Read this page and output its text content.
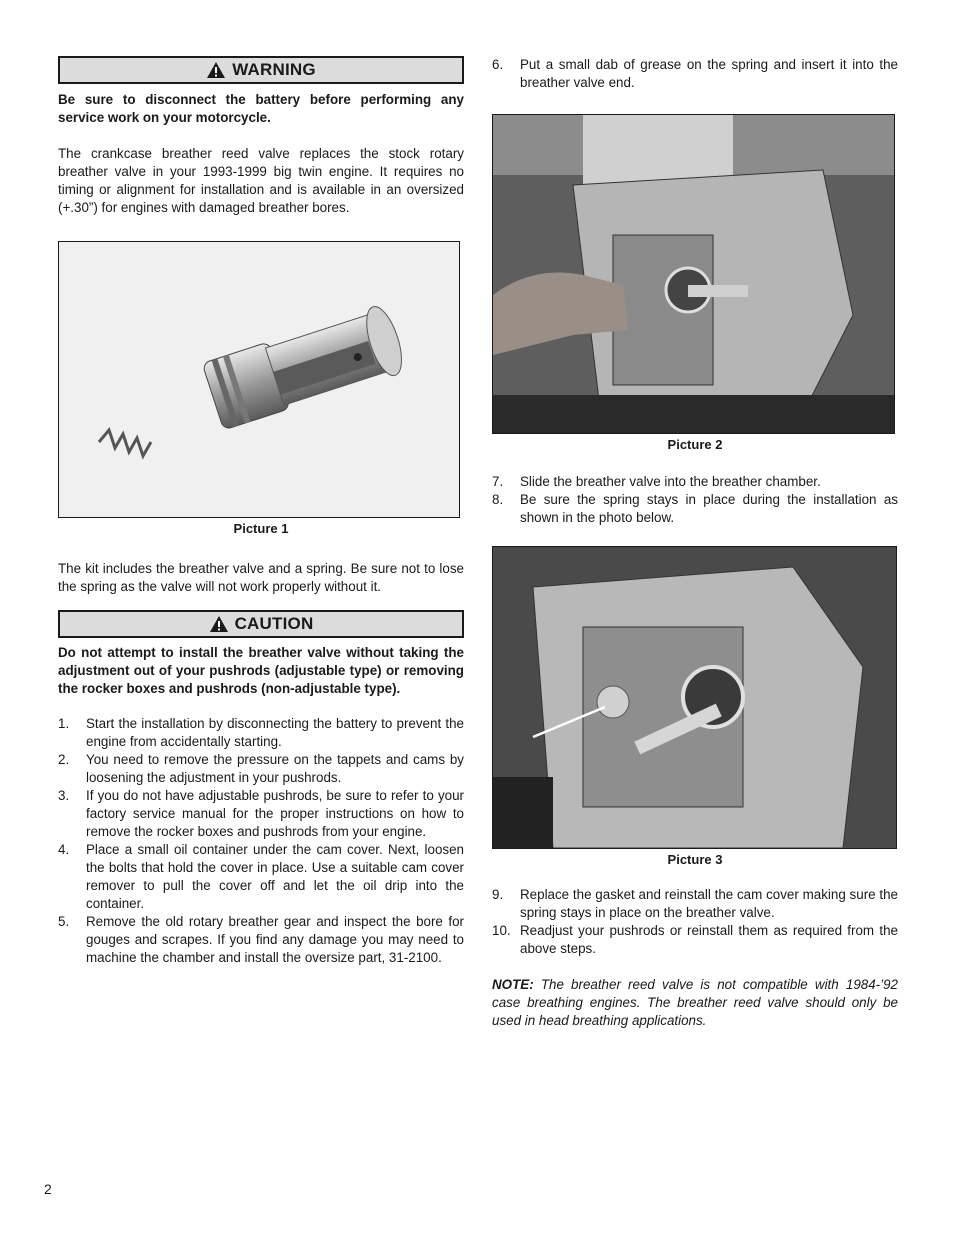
WARNING

Be sure to disconnect the battery before performing any service work on your motorcycle.

The crankcase breather reed valve replaces the stock rotary breather valve in your 1993-1999 big twin engine. It requires no timing or alignment for installation and is available in an oversized (+.30”) for engines with damaged breather bores.

Picture 1

The kit includes the breather valve and a spring. Be sure not to lose the spring as the valve will not work properly without it.

CAUTION

Do not attempt to install the breather valve without taking the adjustment out of your pushrods (adjustable type) or removing the rocker boxes and pushrods (non-adjustable type).

1. Start the installation by disconnecting the battery to prevent the engine from accidentally starting.
2. You need to remove the pressure on the tappets and cams by loosening the adjustment in your pushrods.
3. If you do not have adjustable pushrods, be sure to refer to your factory service manual for the proper instructions on how to remove the rocker boxes and pushrods from your engine.
4. Place a small oil container under the cam cover. Next, loosen the bolts that hold the cover in place. Use a suitable cam cover remover to pull the cover off and let the oil drip into the container.
5. Remove the old rotary breather gear and inspect the bore for gouges and scrapes. If you find any damage you may need to machine the chamber and install the oversize part, 31-2100.
6. Put a small dab of grease on the spring and insert it into the breather valve end.
Picture 2
7. Slide the breather valve into the breather chamber.
8. Be sure the spring stays in place during the installation as shown in the photo below.
Picture 3
9. Replace the gasket and reinstall the cam cover making sure the spring stays in place on the breather valve.
10. Readjust your pushrods or reinstall them as required from the above steps.

NOTE: The breather reed valve is not compatible with 1984-’92 case breathing engines. The breather reed valve should only be used in head breathing applications.

2
